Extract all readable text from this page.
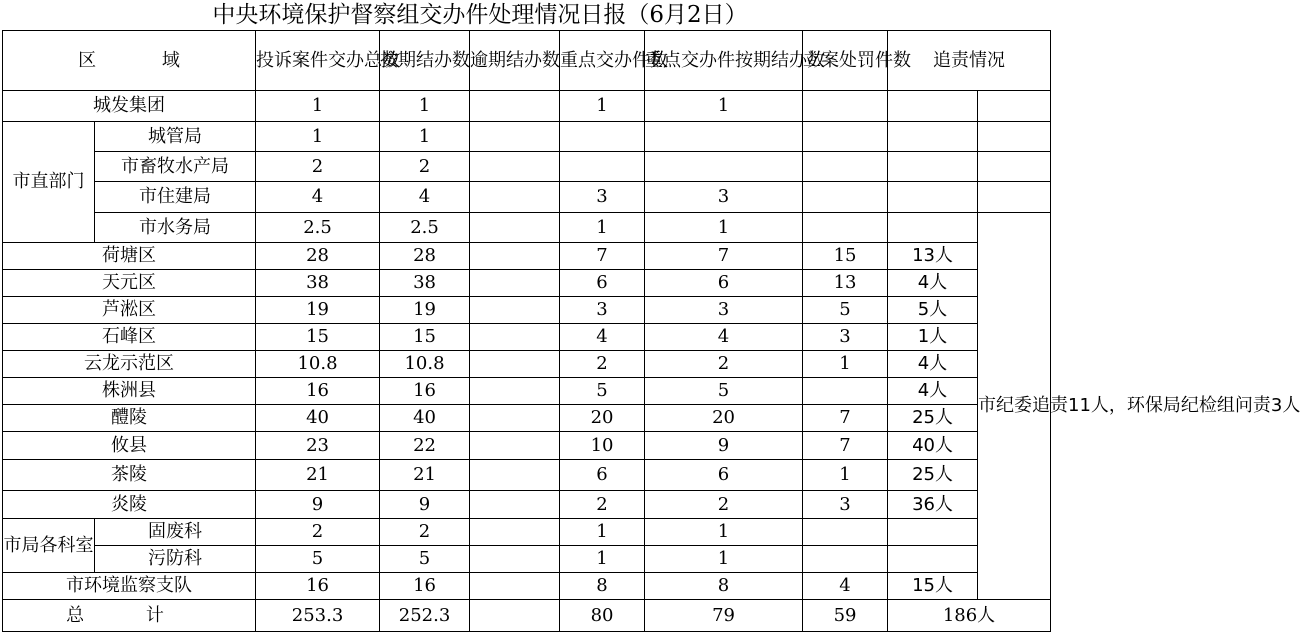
中央环境保护督察组交办件处理情况日报（6月2日）
区 域		投诉案件交办总数	按期结办数	逾期结办数	重点交办件数	重点交办件按期结办数	立案处罚件数	追责情况	
城发集团		1	1		1	1			
市直部门	城管局	1	1						
	市畜牧水产局	2	2						
	市住建局	4	4		3	3			
	市水务局	2.5	2.5		1	1			市纪委追责11人，环保局纪检组问责3人
荷塘区		28	28		7	7	15	13人	
天元区		38	38		6	6	13	4人	
芦淞区		19	19		3	3	5	5人	
石峰区		15	15		4	4	3	1人	
云龙示范区		10.8	10.8		2	2	1	4人	
株洲县		16	16		5	5		4人	
醴陵		40	40		20	20	7	25人	
攸县		23	22		10	9	7	40人	
茶陵		21	21		6	6	1	25人	
炎陵		9	9		2	2	3	36人	
市局各科室	固废科	2	2		1	1			
	污防科	5	5		1	1			
市环境监察支队		16	16		8	8	4	15人	
总 计		253.3	252.3		80	79	59	186人	
